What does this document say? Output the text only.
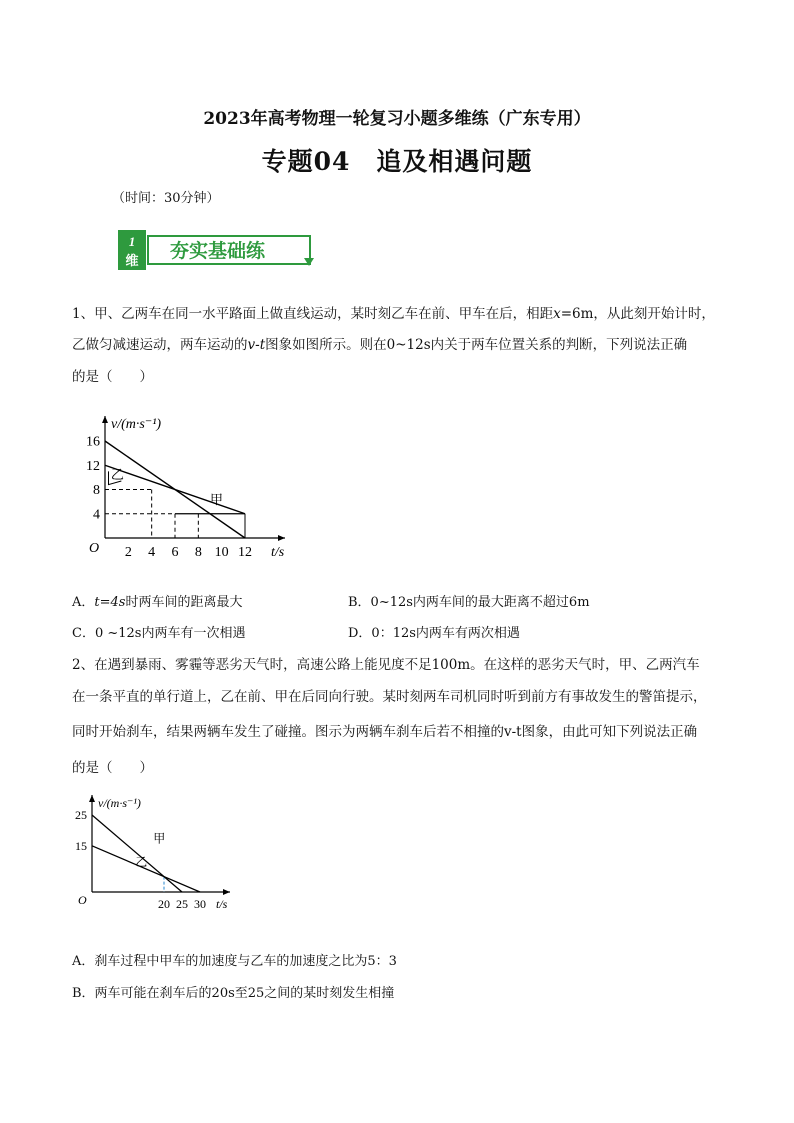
2023年高考物理一轮复习小题多维练（广东专用）
专题04　追及相遇问题
（时间：30分钟）
1
维 夯实基础练
1、甲、乙两车在同一水平路面上做直线运动，某时刻乙车在前、甲车在后，相距x=6m，从此刻开始计时，
乙做匀减速运动，两车运动的v-t图象如图所示。则在0~12s内关于两车位置关系的判断，下列说法正确
的是（　　）
v/(m·s⁻¹)
t/s
O 2 4 6 8 10 12
4
8
12
16
乙
甲
A．t=4s时两车间的距离最大	B．0~12s内两车间的最大距离不超过6m
C．0 ~12s内两车有一次相遇	D．0：12s内两车有两次相遇
2、在遇到暴雨、雾霾等恶劣天气时，高速公路上能见度不足100m。在这样的恶劣天气时，甲、乙两汽车
在一条平直的单行道上，乙在前、甲在后同向行驶。某时刻两车司机同时听到前方有事故发生的警笛提示，
同时开始刹车，结果两辆车发生了碰撞。图示为两辆车刹车后若不相撞的v-t图象，由此可知下列说法正确
的是（　　）
v/(m·s⁻¹)
t/s
O	20 25 30
15
25
甲
乙
A．刹车过程中甲车的加速度与乙车的加速度之比为5：3
B．两车可能在刹车后的20s至25之间的某时刻发生相撞
